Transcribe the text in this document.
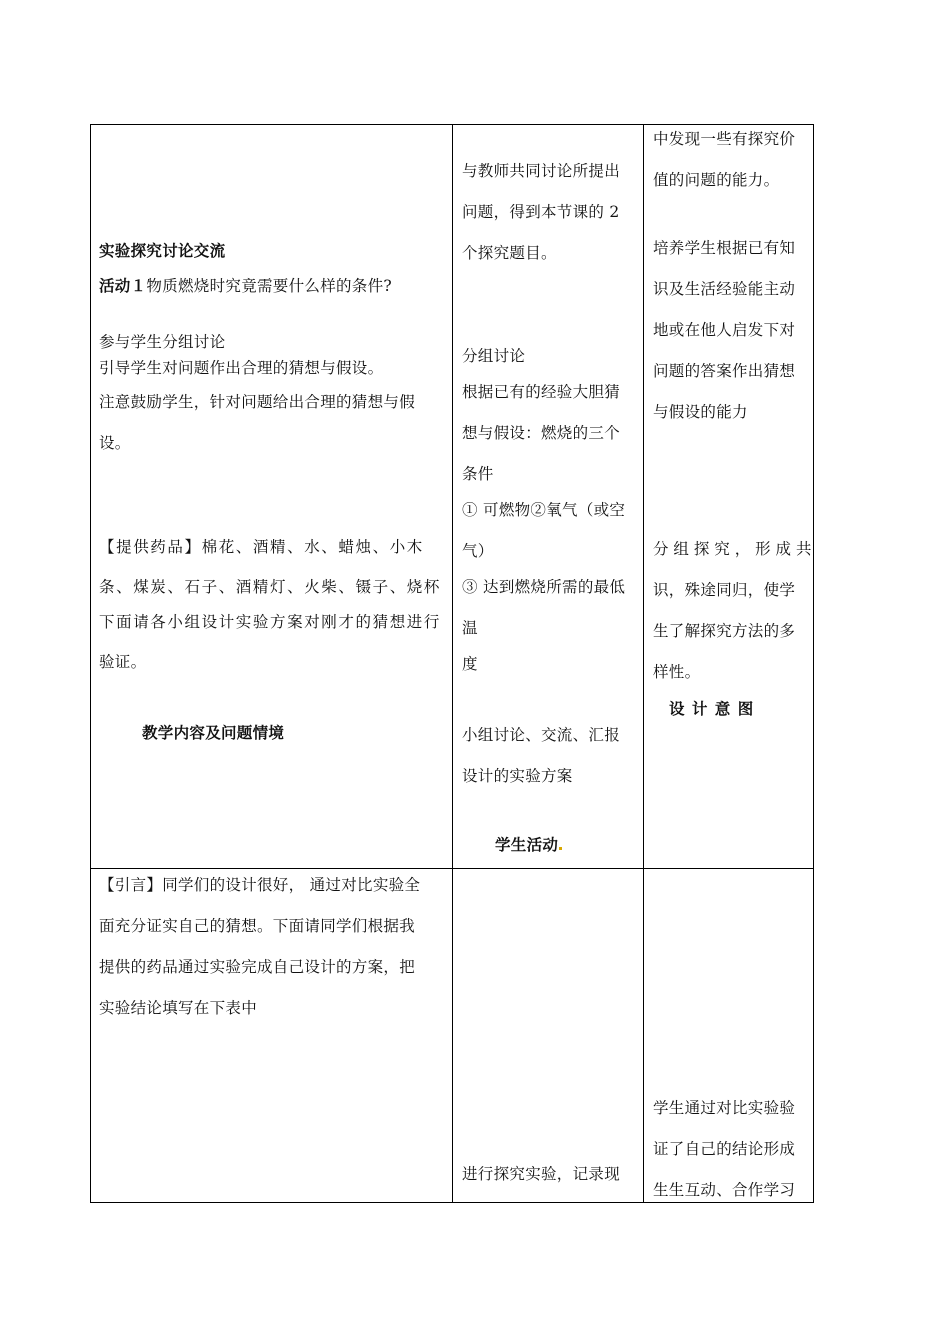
实验探究讨论交流
活动１物质燃烧时究竟需要什么样的条件?
参与学生分组讨论
引导学生对问题作出合理的猜想与假设。
注意鼓励学生，针对问题给出合理的猜想与假
设。
【提供药品】棉花、酒精、水、蜡烛、小木
条、煤炭、石子、酒精灯、火柴、镊子、烧杯
下面请各小组设计实验方案对刚才的猜想进行
验证。
教学内容及问题情境
与教师共同讨论所提出
问题，得到本节课的 2
个探究题目。
分组讨论
根据已有的经验大胆猜
想与假设：燃烧的三个
条件
① 可燃物②氧气（或空
气）
③ 达到燃烧所需的最低
温
度
小组讨论、交流、汇报
设计的实验方案
学生活动
中发现一些有探究价
值的问题的能力。
培养学生根据已有知
识及生活经验能主动
地或在他人启发下对
问题的答案作出猜想
与假设的能力
分 组 探 究 ， 形 成 共
识，殊途同归，使学
生了解探究方法的多
样性。
设 计 意 图
【引言】同学们的设计很好， 通过对比实验全
面充分证实自己的猜想。下面请同学们根据我
提供的药品通过实验完成自己设计的方案，把
实验结论填写在下表中
进行探究实验，记录现
学生通过对比实验验
证了自己的结论形成
生生互动、合作学习
